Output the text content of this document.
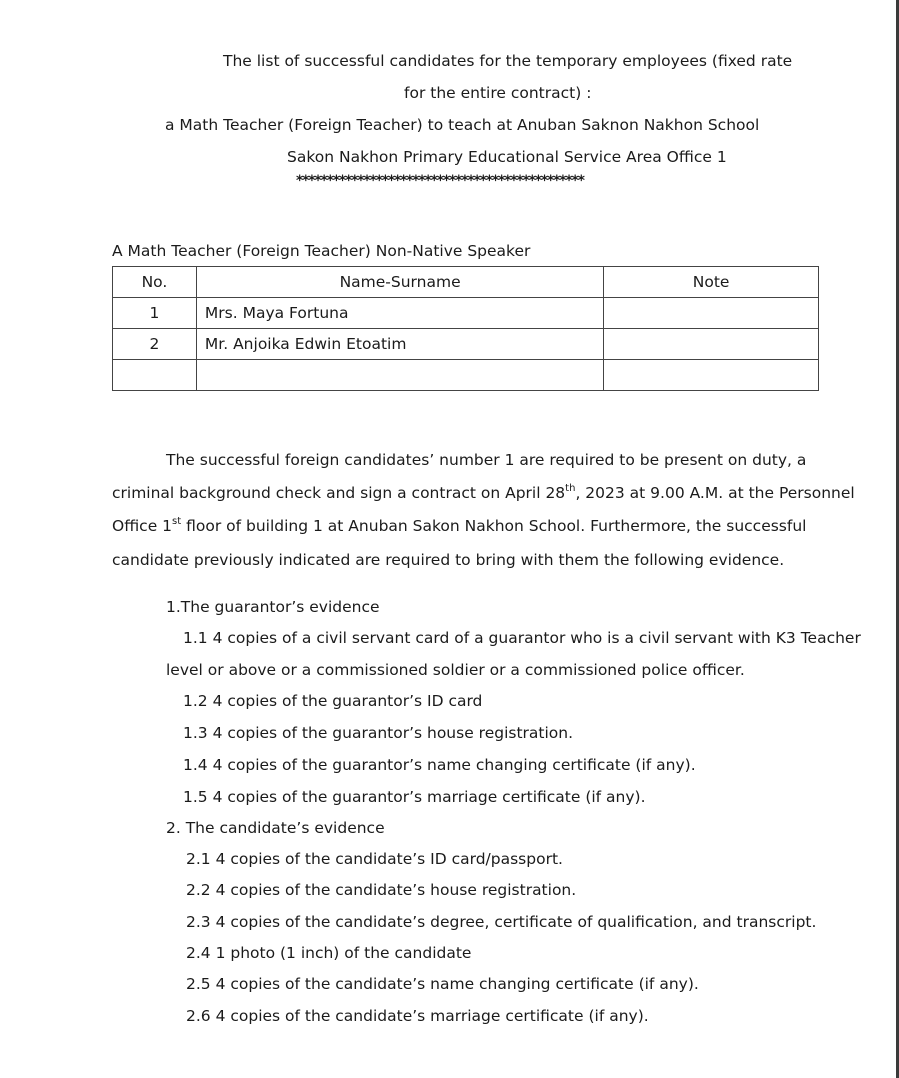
The list of successful candidates for the temporary employees (fixed rate
for the entire contract) :
a Math Teacher (Foreign Teacher) to teach at Anuban Saknon Nakhon School
Sakon Nakhon Primary Educational Service Area Office 1
***********************************************
A Math Teacher (Foreign Teacher) Non-Native Speaker
No.	Name-Surname	Note
1	Mrs. Maya Fortuna	
2	Mr. Anjoika Edwin Etoatim	

The successful foreign candidates’ number 1 are required to be present on duty, a
criminal background check and sign a contract on April 28th, 2023 at 9.00 A.M. at the Personnel
Office 1st floor of building 1 at Anuban Sakon Nakhon School. Furthermore, the successful
candidate previously indicated are required to bring with them the following evidence.
1.The guarantor’s evidence
1.1 4 copies of a civil servant card of a guarantor who is a civil servant with K3 Teacher
level or above or a commissioned soldier or a commissioned police officer.
1.2 4 copies of the guarantor’s ID card
1.3 4 copies of the guarantor’s house registration.
1.4 4 copies of the guarantor’s name changing certificate (if any).
1.5 4 copies of the guarantor’s marriage certificate (if any).
2. The candidate’s evidence
2.1 4 copies of the candidate’s ID card/passport.
2.2 4 copies of the candidate’s house registration.
2.3 4 copies of the candidate’s degree, certificate of qualification, and transcript.
2.4 1 photo (1 inch) of the candidate
2.5 4 copies of the candidate’s name changing certificate (if any).
2.6 4 copies of the candidate’s marriage certificate (if any).
